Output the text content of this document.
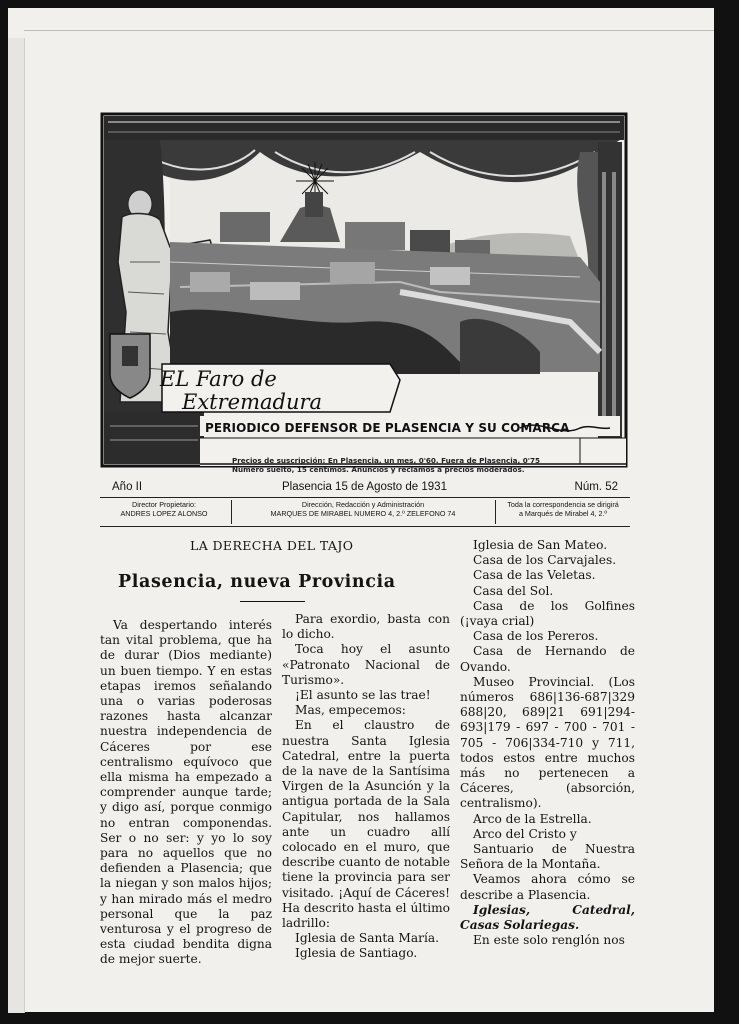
EL Faro de
Extremadura
PERIODICO DEFENSOR DE PLASENCIA Y SU COMARCA
Precios de suscripción: En Plasencia, un mes, 0'60. Fuera de Plasencia, 0'75
Número suelto, 15 céntimos. Anuncios y reclamos a precios moderados.
Año II	Plasencia 15 de Agosto de 1931	Núm. 52
Director Propietario:
ANDRES LOPEZ ALONSO
Dirección, Redacción y Administración
MARQUES DE MIRABEL NUMERO 4, 2.º ZELEFONO 74
Toda la correspondencia se dirigirá
a Marqués de Mirabel 4, 2.º
LA DERECHA DEL TAJO
Plasencia, nueva Provincia

Va despertando interés tan vital problema, que ha de durar (Dios mediante) un buen tiempo. Y en estas etapas iremos señalando una o varias poderosas razones hasta alcanzar nuestra independencia de Cáceres por ese centralismo equívoco que ella misma ha empezado a comprender aunque tarde; y digo así, porque conmigo no entran componendas. Ser o no ser: y yo lo soy para no aquellos que no defienden a Plasencia; que la niegan y son malos hijos; y han mirado más el medro personal que la paz venturosa y el progreso de esta ciudad bendita digna de mejor suerte.

Para exordio, basta con lo dicho.

Toca hoy el asunto «Patronato Nacional de Turismo».

¡El asunto se las trae!

Mas, empecemos:

En el claustro de nuestra Santa Iglesia Catedral, entre la puerta de la nave de la Santísima Virgen de la Asunción y la antigua portada de la Sala Capitular, nos hallamos ante un cuadro allí colocado en el muro, que describe cuanto de notable tiene la provincia para ser visitado. ¡Aquí de Cáceres! Ha descrito hasta el último ladrillo:

Iglesia de Santa María.

Iglesia de Santiago.

Iglesia de San Mateo.

Casa de los Carvajales.

Casa de las Veletas.

Casa del Sol.

Casa de los Golfines (¡vaya crial)

Casa de los Pereros.

Casa de Hernando de Ovando.

Museo Provincial. (Los números 686|136-687|329 688|20, 689|21 691|294-693|179 - 697 - 700 - 701 - 705 - 706|334-710 y 711, todos estos entre muchos más no pertenecen a Cáceres, (absorción, centralismo).

Arco de la Estrella.

Arco del Cristo y

Santuario de Nuestra Señora de la Montaña.

Veamos ahora cómo se describe a Plasencia.

Iglesias, Catedral, Casas Solariegas.

En este solo renglón nos
